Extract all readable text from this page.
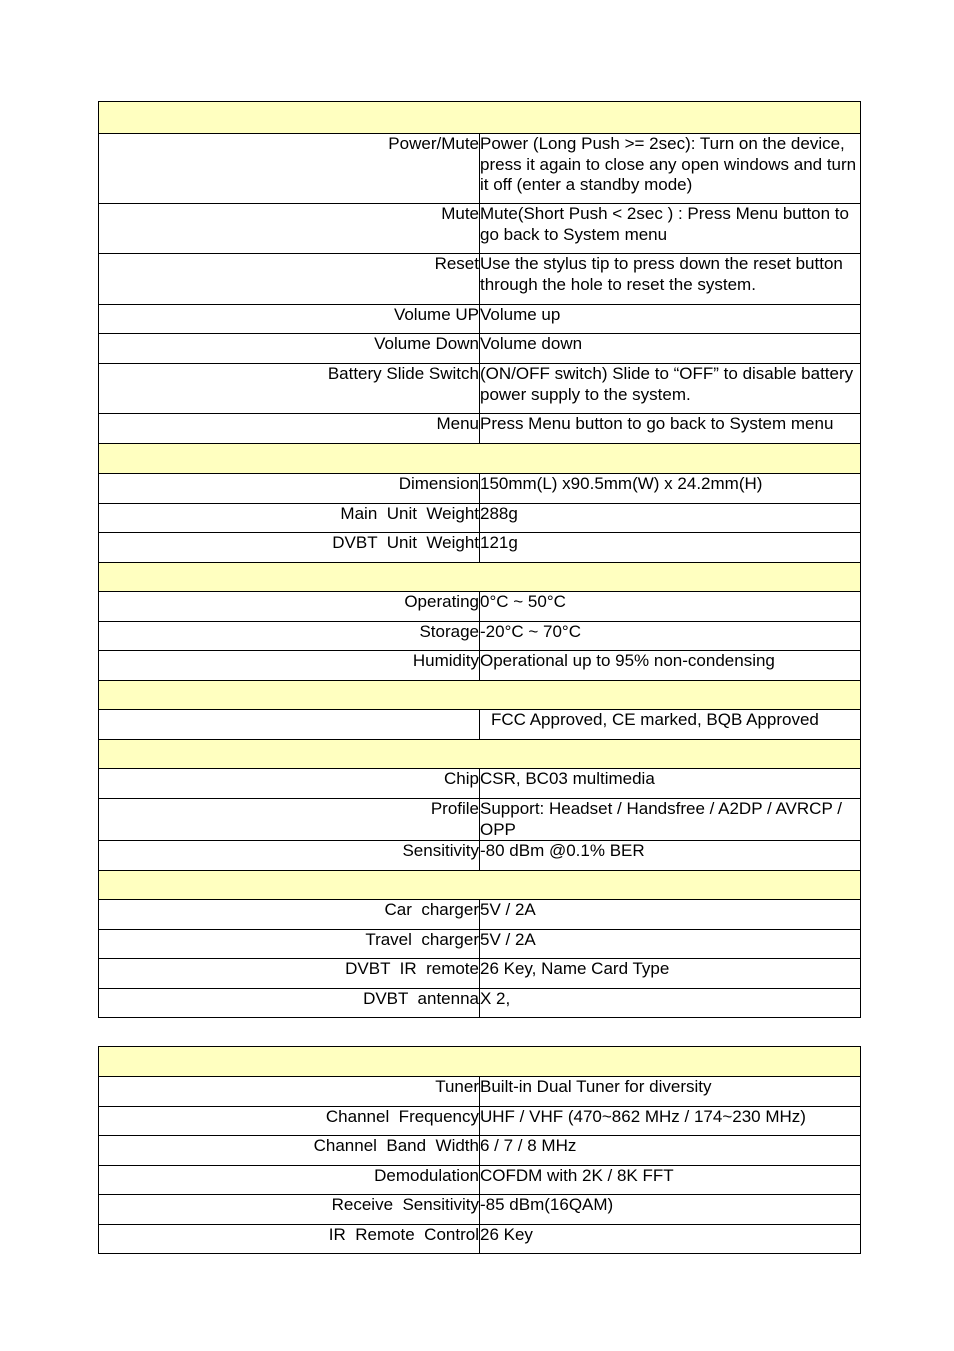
Power/Mute	Power (Long Push >= 2sec): Turn on the device, press it again to close any open windows and turn it off (enter a standby mode)
Mute	Mute(Short Push < 2sec ) : Press Menu button to go back to System menu
Reset	Use the stylus tip to press down the reset button through the hole to reset the system.
Volume UP	Volume up
Volume Down	Volume down
Battery Slide Switch	(ON/OFF switch) Slide to “OFF” to disable battery power supply to the system.
Menu	Press Menu button to go back to System menu

Dimension	150mm(L) x90.5mm(W) x 24.2mm(H)
Main  Unit  Weight	288g
DVBT  Unit  Weight	121g

Operating	0°C ~ 50°C
Storage	-20°C ~ 70°C
Humidity	Operational up to 95% non-condensing

	FCC Approved, CE marked, BQB Approved

Chip	CSR, BC03 multimedia
Profile	Support: Headset / Handsfree / A2DP / AVRCP / OPP
Sensitivity	-80 dBm @0.1% BER

Car  charger	5V / 2A
Travel  charger	5V / 2A
DVBT  IR  remote	26 Key, Name Card Type
DVBT  antenna	X 2,

Tuner	Built-in Dual Tuner for diversity
Channel  Frequency	UHF / VHF (470~862 MHz / 174~230 MHz)
Channel  Band  Width	6 / 7 / 8 MHz
Demodulation	COFDM with 2K / 8K FFT
Receive  Sensitivity	-85 dBm(16QAM)
IR  Remote  Control	26 Key
